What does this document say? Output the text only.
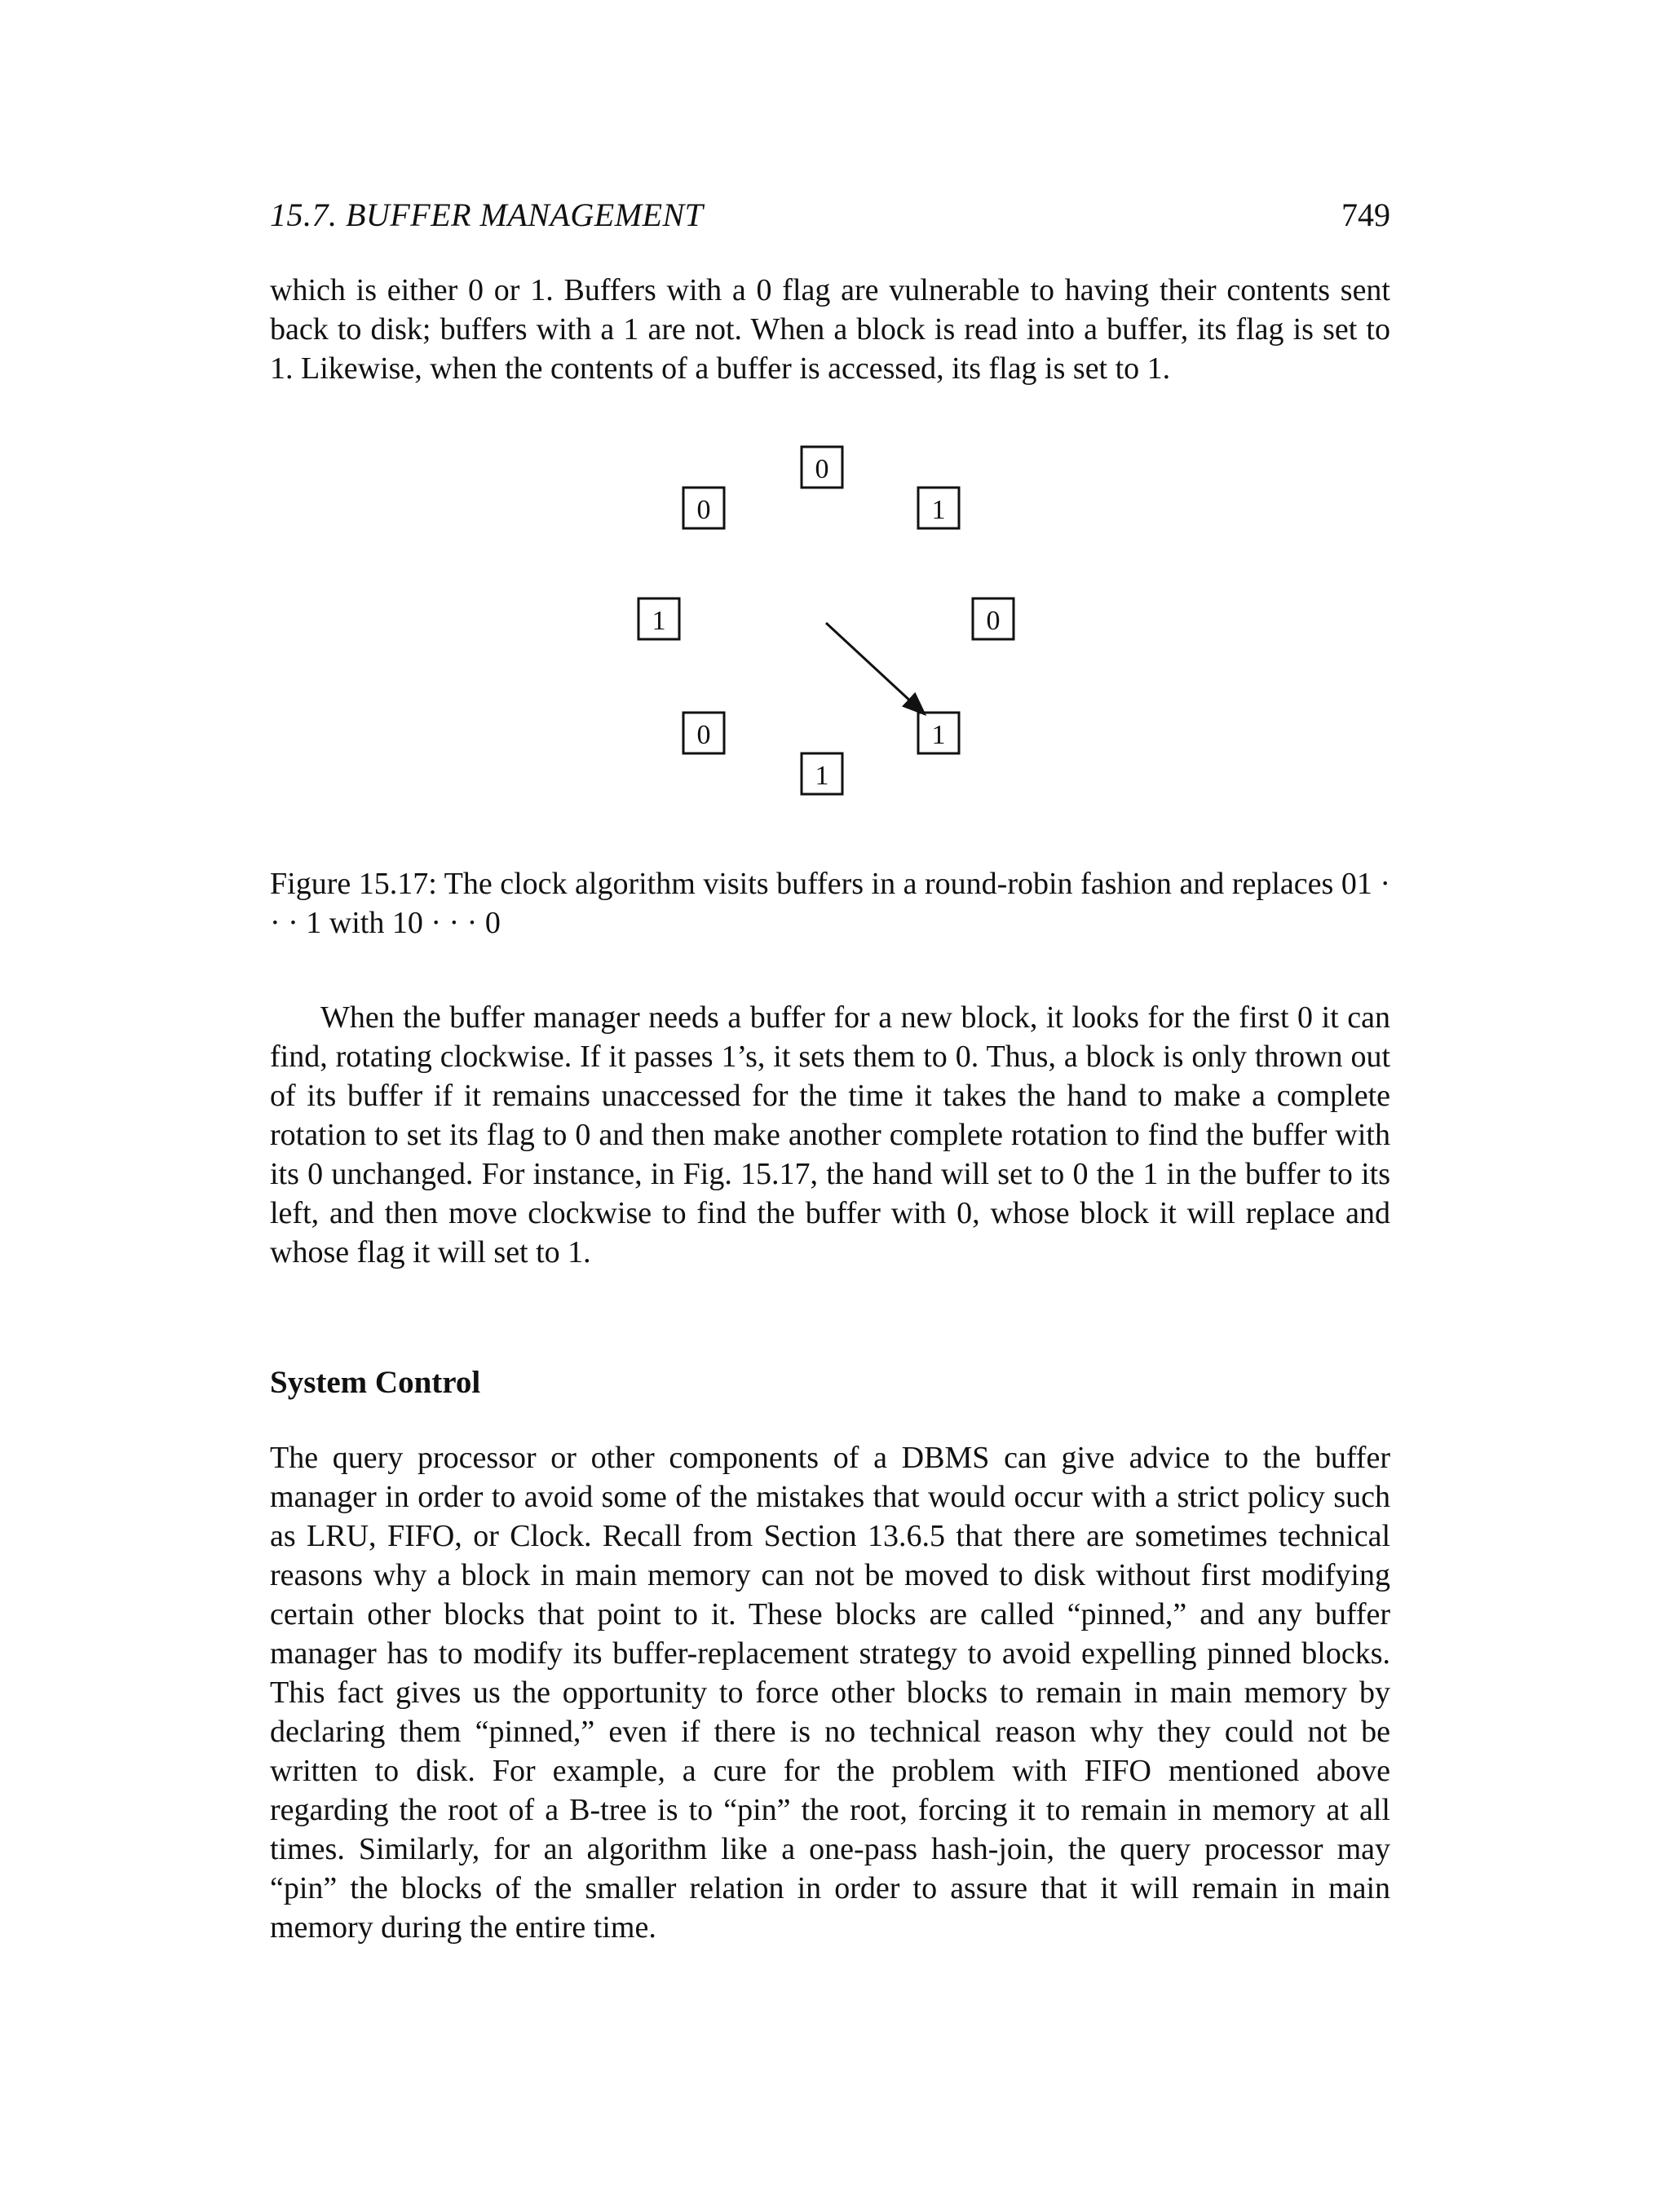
15.7. BUFFER MANAGEMENT	749

which is either 0 or 1. Buffers with a 0 flag are vulnerable to having their contents sent back to disk; buffers with a 1 are not. When a block is read into a buffer, its flag is set to 1. Likewise, when the contents of a buffer is accessed, its flag is set to 1.

0
1
0
1
1
0
1
0

Figure 15.17: The clock algorithm visits buffers in a round-robin fashion and replaces 01 · · · 1 with 10 · · · 0

When the buffer manager needs a buffer for a new block, it looks for the first 0 it can find, rotating clockwise. If it passes 1’s, it sets them to 0. Thus, a block is only thrown out of its buffer if it remains unaccessed for the time it takes the hand to make a complete rotation to set its flag to 0 and then make another complete rotation to find the buffer with its 0 unchanged. For instance, in Fig. 15.17, the hand will set to 0 the 1 in the buffer to its left, and then move clockwise to find the buffer with 0, whose block it will replace and whose flag it will set to 1.

System Control

The query processor or other components of a DBMS can give advice to the buffer manager in order to avoid some of the mistakes that would occur with a strict policy such as LRU, FIFO, or Clock. Recall from Section 13.6.5 that there are sometimes technical reasons why a block in main memory can not be moved to disk without first modifying certain other blocks that point to it. These blocks are called “pinned,” and any buffer manager has to modify its buffer-replacement strategy to avoid expelling pinned blocks. This fact gives us the opportunity to force other blocks to remain in main memory by declaring them “pinned,” even if there is no technical reason why they could not be written to disk. For example, a cure for the problem with FIFO mentioned above regarding the root of a B-tree is to “pin” the root, forcing it to remain in memory at all times. Similarly, for an algorithm like a one-pass hash-join, the query processor may “pin” the blocks of the smaller relation in order to assure that it will remain in main memory during the entire time.
